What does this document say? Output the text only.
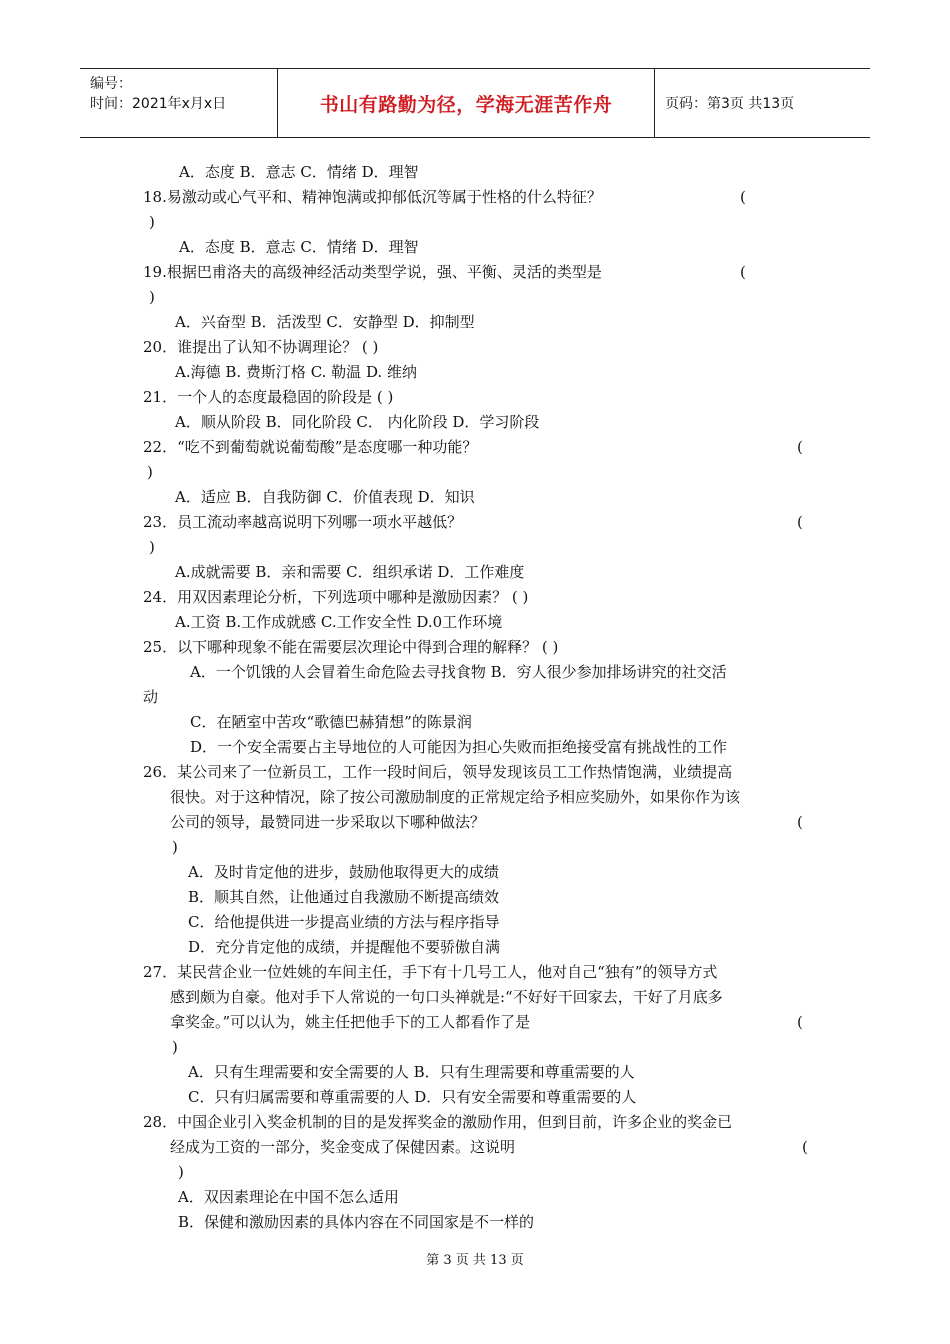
编号：
时间：2021年x月x日	书山有路勤为径，学海无涯苦作舟	页码：第3页 共13页
A．态度 B．意志 C．情绪 D．理智
18.易激动或心气平和、精神饱满或抑郁低沉等属于性格的什么特征？	(
)
A．态度 B．意志 C．情绪 D．理智
19.根据巴甫洛夫的高级神经活动类型学说，强、平衡、灵活的类型是	(
)
A．兴奋型 B．活泼型 C．安静型 D．抑制型
20．谁提出了认知不协调理论？ ( )
A.海德 B. 费斯汀格 C. 勒温 D. 维纳
21．一个人的态度最稳固的阶段是 ( )
A．顺从阶段 B．同化阶段 C． 内化阶段 D．学习阶段
22．“吃不到葡萄就说葡萄酸”是态度哪一种功能？	(
)
A．适应 B．自我防御 C．价值表现 D．知识
23．员工流动率越高说明下列哪一项水平越低？	(
)
A.成就需要 B．亲和需要 C．组织承诺 D．工作难度
24．用双因素理论分析，下列选项中哪种是激励因素？ ( )
A.工资 B.工作成就感 C.工作安全性 D.0工作环境
25．以下哪种现象不能在需要层次理论中得到合理的解释？ ( )
A．一个饥饿的人会冒着生命危险去寻找食物 B．穷人很少参加排场讲究的社交活
动
C．在陋室中苦攻“歌德巴赫猜想”的陈景润
D．一个安全需要占主导地位的人可能因为担心失败而拒绝接受富有挑战性的工作
26．某公司来了一位新员工，工作一段时间后，领导发现该员工工作热情饱满，业绩提高
很快。对于这种情况，除了按公司激励制度的正常规定给予相应奖励外，如果你作为该
公司的领导，最赞同进一步采取以下哪种做法？	(
)
A．及时肯定他的进步，鼓励他取得更大的成绩
B．顺其自然，让他通过自我激励不断提高绩效
C．给他提供进一步提高业绩的方法与程序指导
D．充分肯定他的成绩，并提醒他不要骄傲自满
27．某民营企业一位姓姚的车间主任，手下有十几号工人，他对自己“独有”的领导方式
感到颇为自豪。他对手下人常说的一句口头禅就是:“不好好干回家去，干好了月底多
拿奖金。”可以认为，姚主任把他手下的工人都看作了是	(
)
A．只有生理需要和安全需要的人 B．只有生理需要和尊重需要的人
C．只有归属需要和尊重需要的人 D．只有安全需要和尊重需要的人
28．中国企业引入奖金机制的目的是发挥奖金的激励作用，但到目前，许多企业的奖金已
经成为工资的一部分，奖金变成了保健因素。这说明	(
)
A．双因素理论在中国不怎么适用
B．保健和激励因素的具体内容在不同国家是不一样的
第 3 页 共 13 页
